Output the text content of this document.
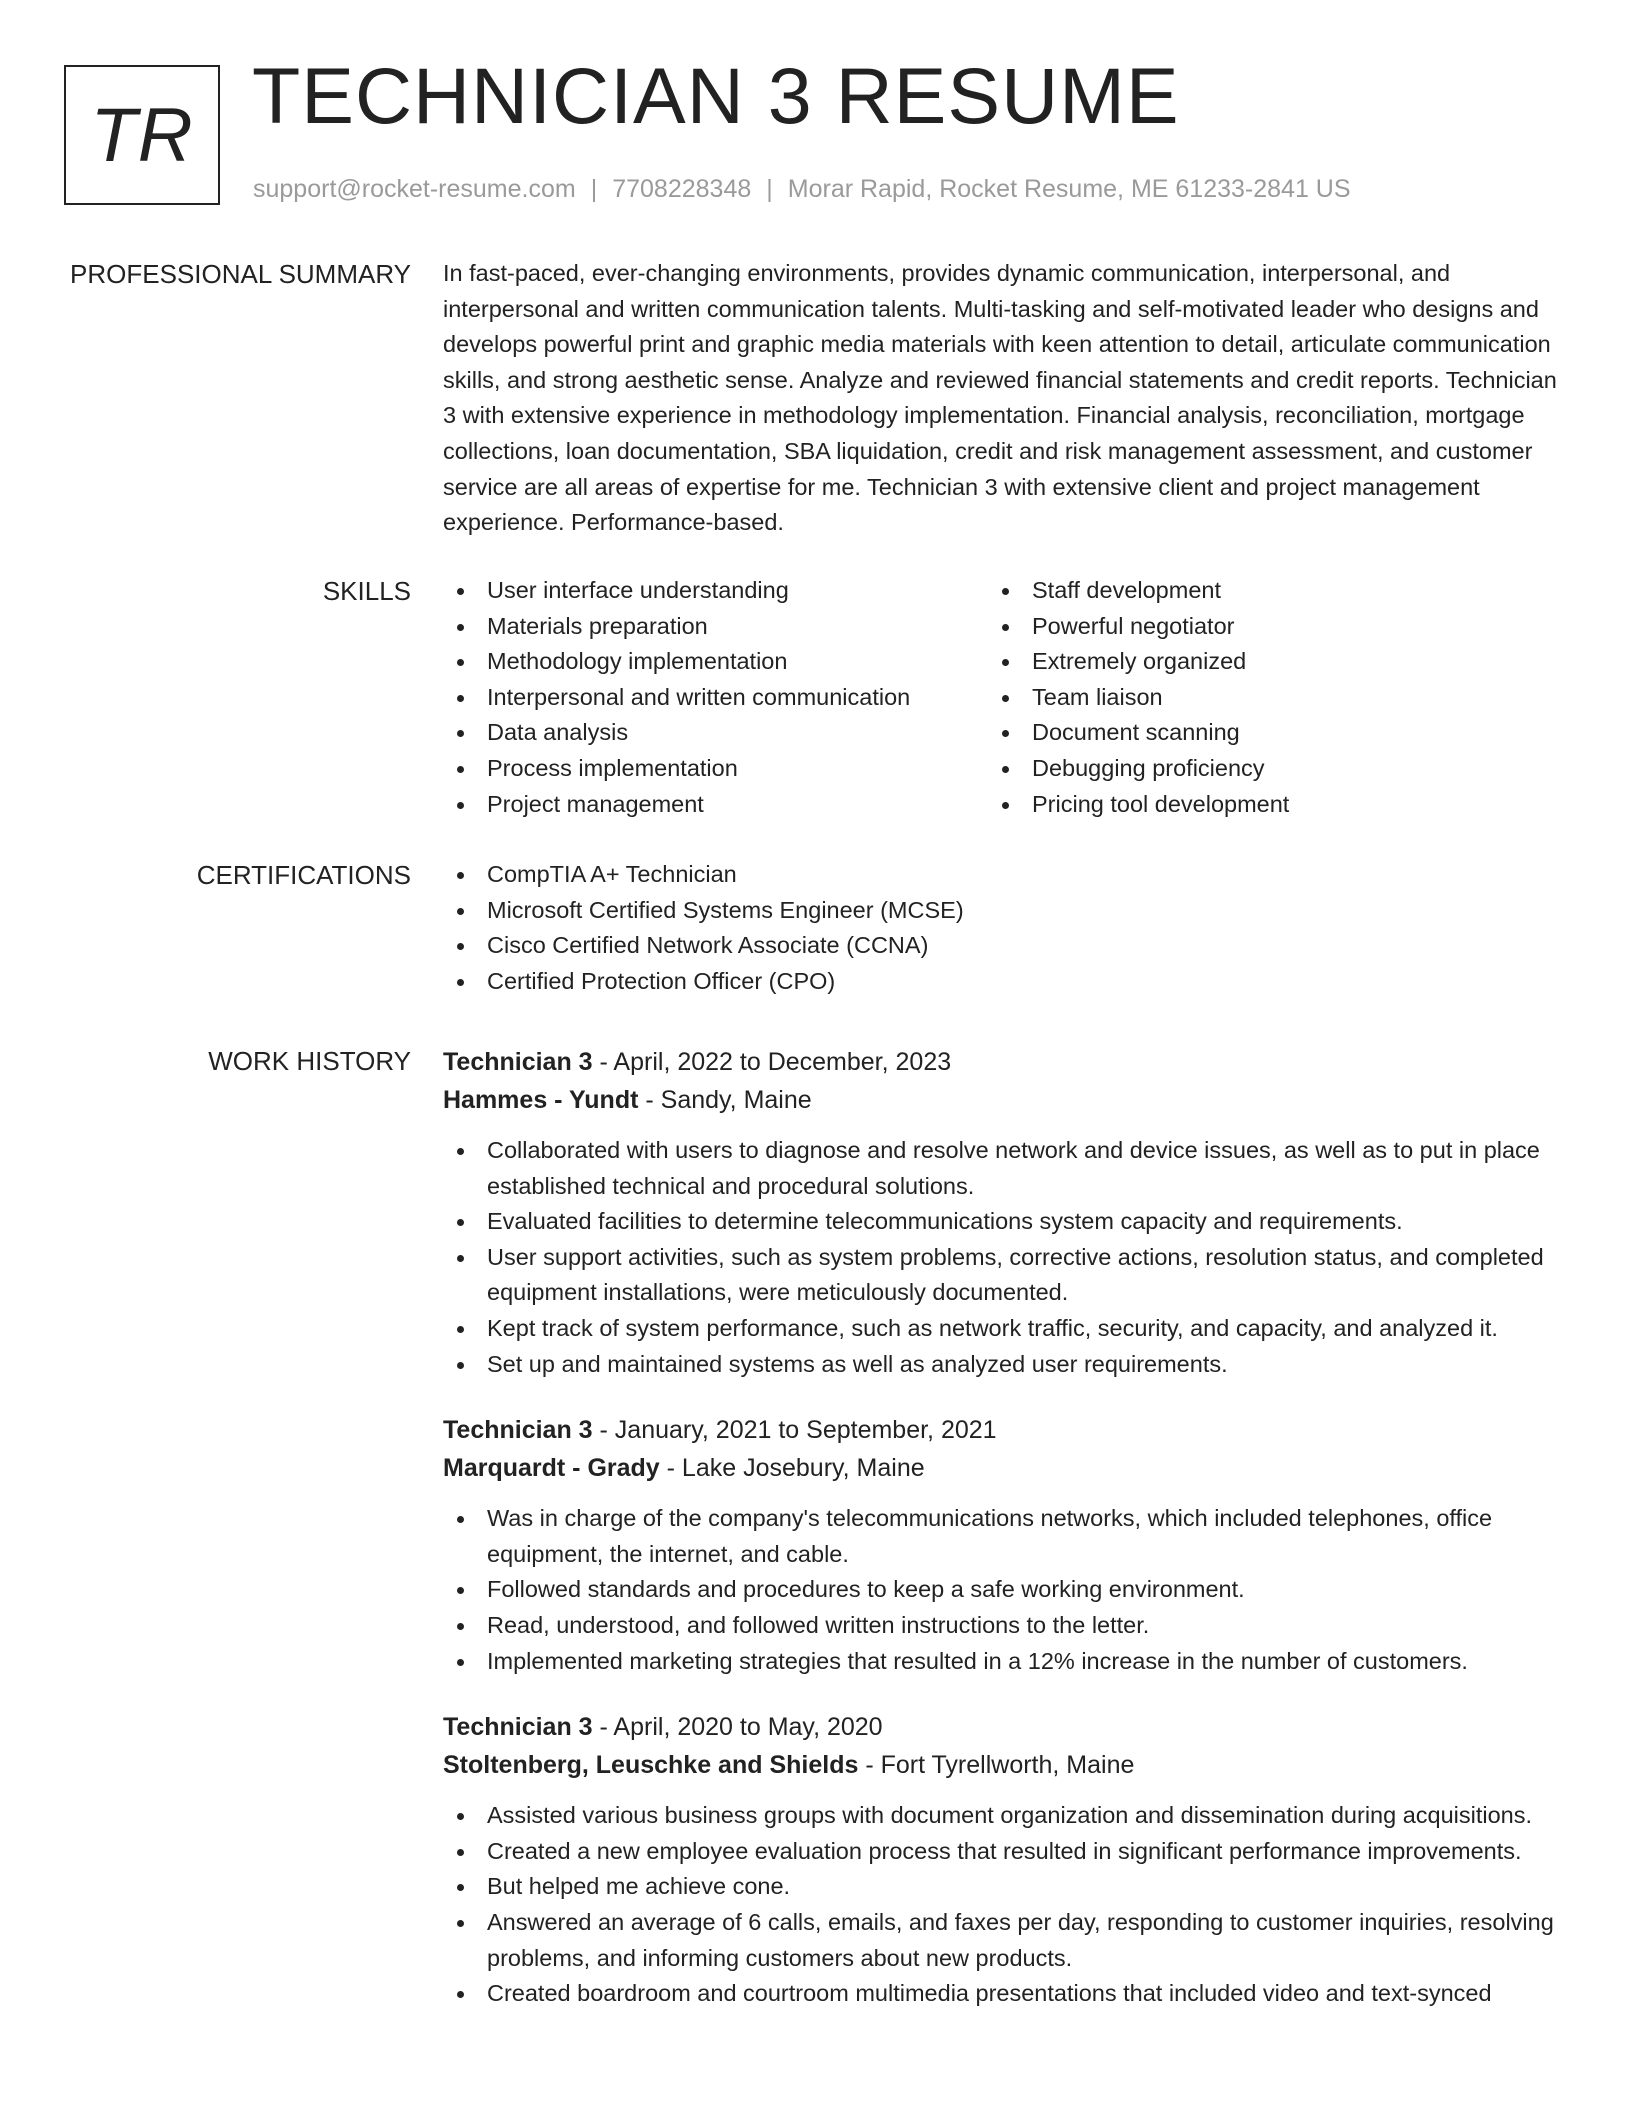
TR TECHNICIAN 3 RESUME
support@rocket-resume.com | 7708228348 | Morar Rapid, Rocket Resume, ME 61233-2841 US
PROFESSIONAL SUMMARY In fast-paced, ever-changing environments, provides dynamic communication, interpersonal, and interpersonal and written communication talents. Multi-tasking and self-motivated leader who designs and develops powerful print and graphic media materials with keen attention to detail, articulate communication skills, and strong aesthetic sense. Analyze and reviewed financial statements and credit reports. Technician 3 with extensive experience in methodology implementation. Financial analysis, reconciliation, mortgage collections, loan documentation, SBA liquidation, credit and risk management assessment, and customer service are all areas of expertise for me. Technician 3 with extensive client and project management experience. Performance-based.

SKILLS	User interface understanding
Materials preparation
Methodology implementation
Interpersonal and written communication
Data analysis
Process implementation
Project management
Staff development
Powerful negotiator
Extremely organized
Team liaison
Document scanning
Debugging proficiency
Pricing tool development
CERTIFICATIONS	CompTIA A+ Technician
Microsoft Certified Systems Engineer (MCSE)
Cisco Certified Network Associate (CCNA)
Certified Protection Officer (CPO)
WORK HISTORY Technician 3 - April, 2022 to December, 2023
Hammes - Yundt - Sandy, Maine
Collaborated with users to diagnose and resolve network and device issues, as well as to put in place established technical and procedural solutions.
Evaluated facilities to determine telecommunications system capacity and requirements.
User support activities, such as system problems, corrective actions, resolution status, and completed equipment installations, were meticulously documented.
Kept track of system performance, such as network traffic, security, and capacity, and analyzed it.
Set up and maintained systems as well as analyzed user requirements.
Technician 3 - January, 2021 to September, 2021
Marquardt - Grady - Lake Josebury, Maine
Was in charge of the company's telecommunications networks, which included telephones, office equipment, the internet, and cable.
Followed standards and procedures to keep a safe working environment.
Read, understood, and followed written instructions to the letter.
Implemented marketing strategies that resulted in a 12% increase in the number of customers.
Technician 3 - April, 2020 to May, 2020
Stoltenberg, Leuschke and Shields - Fort Tyrellworth, Maine
Assisted various business groups with document organization and dissemination during acquisitions.
Created a new employee evaluation process that resulted in significant performance improvements.
But helped me achieve cone.
Answered an average of 6 calls, emails, and faxes per day, responding to customer inquiries, resolving problems, and informing customers about new products.
Created boardroom and courtroom multimedia presentations that included video and text-synced
